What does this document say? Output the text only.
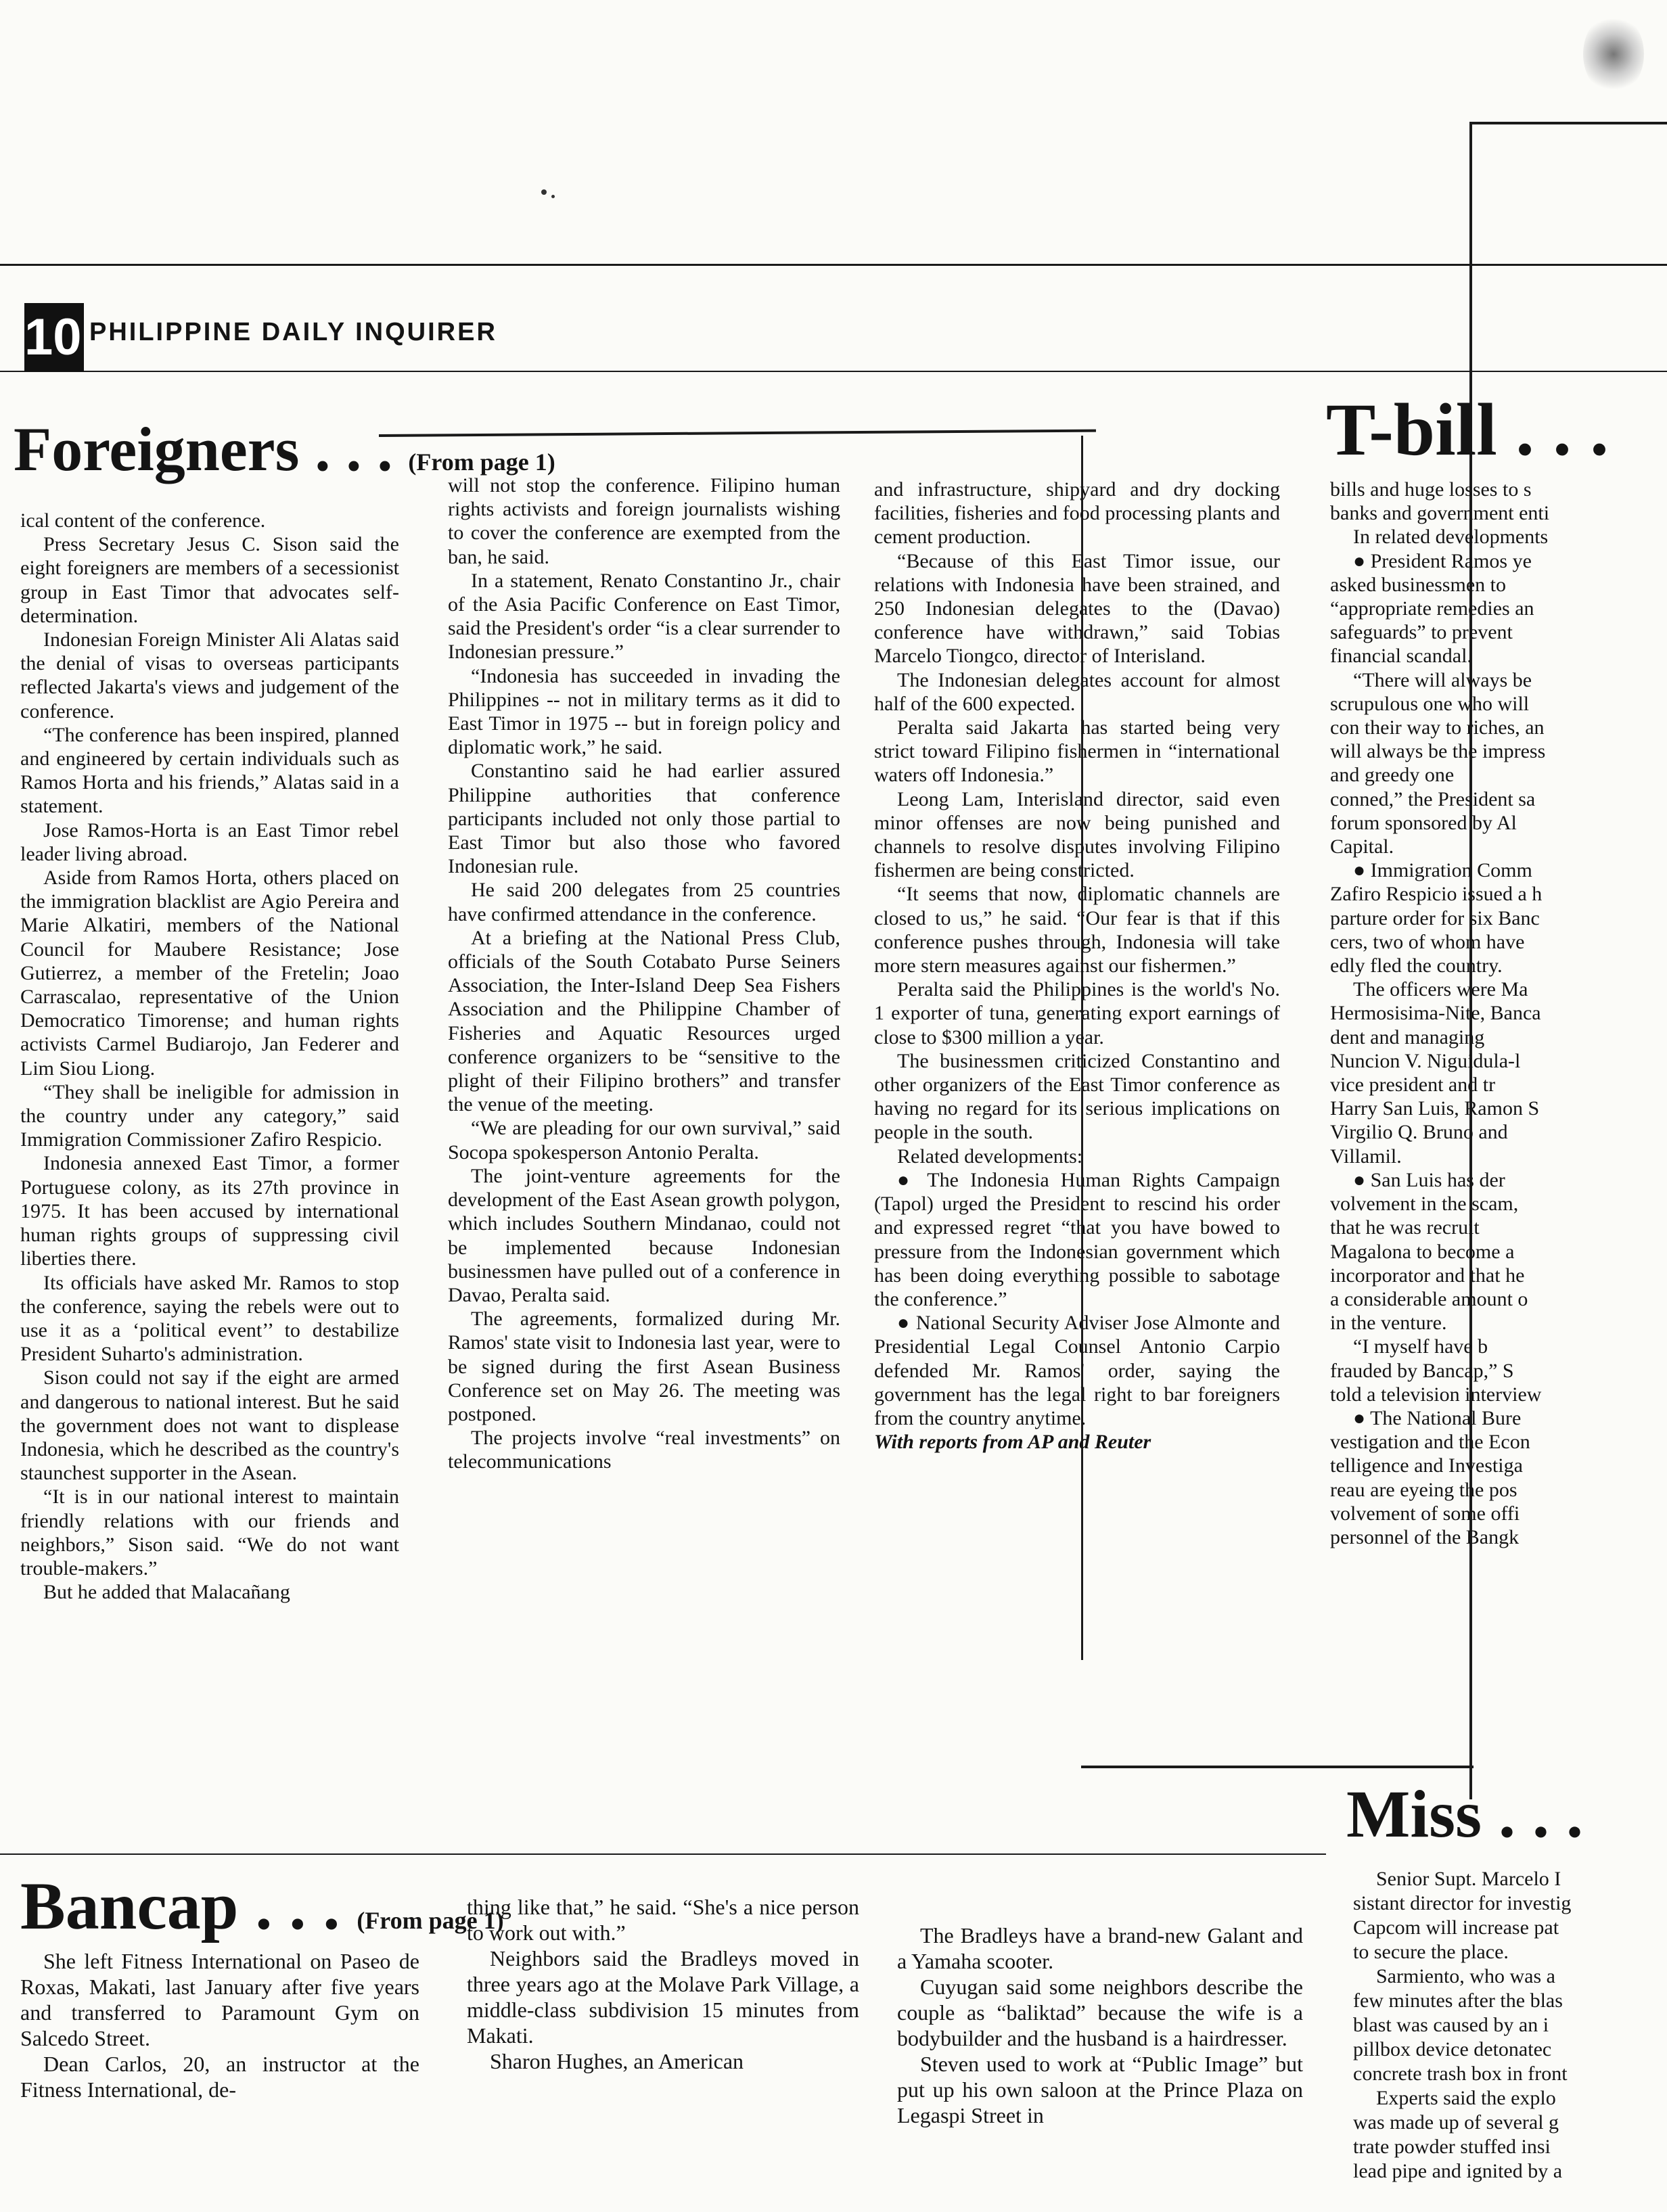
10 PHILIPPINE DAILY INQUIRER
Foreigners . . . (From page 1)

ical content of the conference.

Press Secretary Jesus C. Sison said the eight foreigners are members of a secessionist group in East Timor that advocates self-determination.

Indonesian Foreign Minister Ali Alatas said the denial of visas to overseas participants reflected Jakarta's views and judgement of the conference.

“The conference has been inspired, planned and engineered by certain individuals such as Ramos Horta and his friends,” Alatas said in a statement.

Jose Ramos-Horta is an East Timor rebel leader living abroad.

Aside from Ramos Horta, others placed on the immigration blacklist are Agio Pereira and Marie Alkatiri, members of the National Council for Maubere Resistance; Jose Gutierrez, a member of the Fretelin; Joao Carrascalao, representative of the Union Democratico Timorense; and human rights activists Carmel Budiarojo, Jan Federer and Lim Siou Liong.

“They shall be ineligible for admission in the country under any category,” said Immigration Commissioner Zafiro Respicio.

Indonesia annexed East Timor, a former Portuguese colony, as its 27th province in 1975. It has been accused by international human rights groups of suppressing civil liberties there.

Its officials have asked Mr. Ramos to stop the conference, saying the rebels were out to use it as a ‘political event’’ to destabilize President Suharto's administration.

Sison could not say if the eight are armed and dangerous to national interest. But he said the government does not want to displease Indonesia, which he described as the country's staunchest supporter in the Asean.

“It is in our national interest to maintain friendly relations with our friends and neighbors,” Sison said. “We do not want trouble-makers.”

But he added that Malacañang

will not stop the conference. Filipino human rights activists and foreign journalists wishing to cover the conference are exempted from the ban, he said.

In a statement, Renato Constantino Jr., chair of the Asia Pacific Conference on East Timor, said the President's order “is a clear surrender to Indonesian pressure.”

“Indonesia has succeeded in invading the Philippines -- not in military terms as it did to East Timor in 1975 -- but in foreign policy and diplomatic work,” he said.

Constantino said he had earlier assured Philippine authorities that conference participants included not only those partial to East Timor but also those who favored Indonesian rule.

He said 200 delegates from 25 countries have confirmed attendance in the conference.

At a briefing at the National Press Club, officials of the South Cotabato Purse Seiners Association, the Inter-Island Deep Sea Fishers Association and the Philippine Chamber of Fisheries and Aquatic Resources urged conference organizers to be “sensitive to the plight of their Filipino brothers” and transfer the venue of the meeting.

“We are pleading for our own survival,” said Socopa spokesperson Antonio Peralta.

The joint-venture agreements for the development of the East Asean growth polygon, which includes Southern Mindanao, could not be implemented because Indonesian businessmen have pulled out of a conference in Davao, Peralta said.

The agreements, formalized during Mr. Ramos' state visit to Indonesia last year, were to be signed during the first Asean Business Conference set on May 26. The meeting was postponed.

The projects involve “real investments” on telecommunications

and infrastructure, shipyard and dry docking facilities, fisheries and food processing plants and cement production.

“Because of this East Timor issue, our relations with Indonesia have been strained, and 250 Indonesian delegates to the (Davao) conference have withdrawn,” said Tobias Marcelo Tiongco, director of Interisland.

The Indonesian delegates account for almost half of the 600 expected.

Peralta said Jakarta has started being very strict toward Filipino fishermen in “international waters off Indonesia.”

Leong Lam, Interisland director, said even minor offenses are now being punished and channels to resolve disputes involving Filipino fishermen are being constricted.

“It seems that now, diplomatic channels are closed to us,” he said. “Our fear is that if this conference pushes through, Indonesia will take more stern measures against our fishermen.”

Peralta said the Philippines is the world's No. 1 exporter of tuna, generating export earnings of close to $300 million a year.

The businessmen criticized Constantino and other organizers of the East Timor conference as having no regard for its serious implications on people in the south.

Related developments:

● The Indonesia Human Rights Campaign (Tapol) urged the President to rescind his order and expressed regret “that you have bowed to pressure from the Indonesian government which has been doing everything possible to sabotage the conference.”

● National Security Adviser Jose Almonte and Presidential Legal Counsel Antonio Carpio defended Mr. Ramos' order, saying the government has the legal right to bar foreigners from the country anytime.

With reports from AP and Reuter

T-bill . . .

bills and huge losses to s

banks and government enti

In related developments

● President Ramos ye

asked businessmen to

“appropriate remedies an

safeguards” to prevent

financial scandal.

“There will always be

scrupulous one who will

con their way to riches, an

will always be the impress

and greedy one

conned,” the President sa

forum sponsored by Al

Capital.

● Immigration Comm

Zafiro Respicio issued a h

parture order for six Banc

cers, two of whom have

edly fled the country.

The officers were Ma

Hermosisima-Nite, Banca

dent and managing

Nuncion V. Niguidula-l

vice president and tr

Harry San Luis, Ramon S

Virgilio Q. Bruno and

Villamil.

● San Luis has der

volvement in the scam,

that he was recruit

Magalona to become a

incorporator and that he

a considerable amount o

in the venture.

“I myself have b

frauded by Bancap,” S

told a television interview

● The National Bure

vestigation and the Econ

telligence and Investiga

reau are eyeing the pos

volvement of some offi

personnel of the Bangk

Miss . . .

Senior Supt. Marcelo I

sistant director for investig

Capcom will increase pat

to secure the place.

Sarmiento, who was a

few minutes after the blas

blast was caused by an i

pillbox device detonatec

concrete trash box in front

Experts said the explo

was made up of several g

trate powder stuffed insi

lead pipe and ignited by a

Bancap . . . (From page 1)

She left Fitness International on Paseo de Roxas, Makati, last January after five years and transferred to Paramount Gym on Salcedo Street.

Dean Carlos, 20, an instructor at the Fitness International, de-

thing like that,” he said. “She's a nice person to work out with.”

Neighbors said the Bradleys moved in three years ago at the Molave Park Village, a middle-class subdivision 15 minutes from Makati.

Sharon Hughes, an American

The Bradleys have a brand-new Galant and a Yamaha scooter.

Cuyugan said some neighbors describe the couple as “baliktad” because the wife is a bodybuilder and the husband is a hairdresser.

Steven used to work at “Public Image” but put up his own saloon at the Prince Plaza on Legaspi Street in
